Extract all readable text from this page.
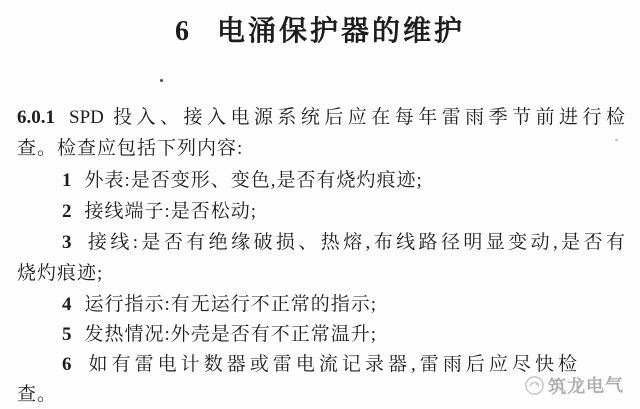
6 电涌保护器的维护
6.0.1 SPD 投入、接入电源系统后应在每年雷雨季节前进行检
查。检查应包括下列内容:
1 外表:是否变形、变色,是否有烧灼痕迹;
2 接线端子:是否松动;
3 接线:是否有绝缘破损、热熔,布线路径明显变动,是否有
烧灼痕迹;
4 运行指示:有无运行不正常的指示;
5 发热情况:外壳是否有不正常温升;
6 如有雷电计数器或雷电流记录器,雷雨后应尽快检
查。	筑龙电气
